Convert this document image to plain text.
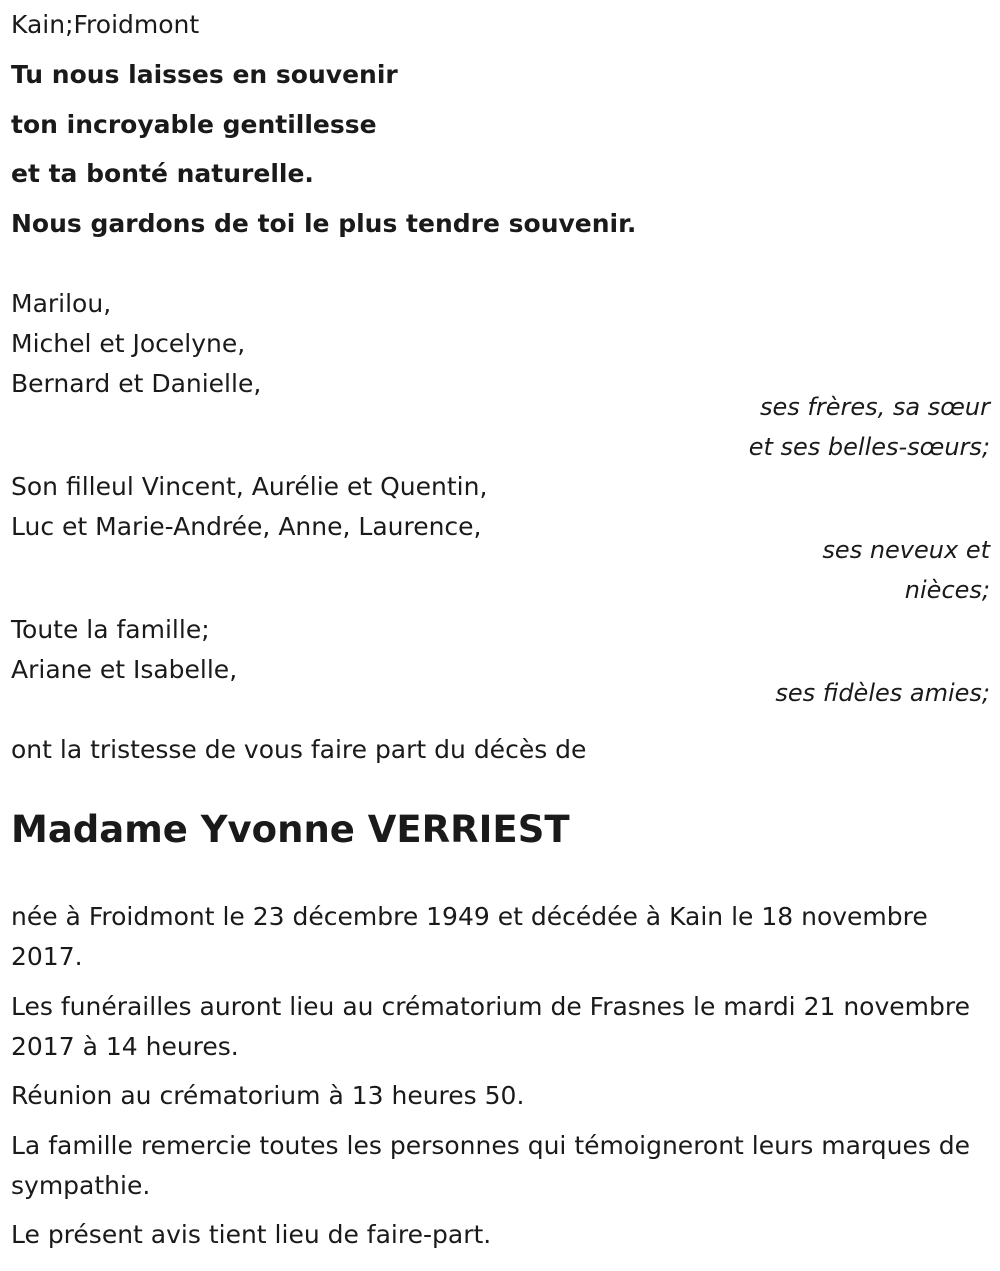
Kain;Froidmont
Tu nous laisses en souvenir
ton incroyable gentillesse
et ta bonté naturelle.
Nous gardons de toi le plus tendre souvenir.
Marilou,
Michel et Jocelyne,
Bernard et Danielle,
ses frères, sa sœur
et ses belles-sœurs;
Son filleul Vincent, Aurélie et Quentin,
Luc et Marie-Andrée, Anne, Laurence,
ses neveux et
nièces;
Toute la famille;
Ariane et Isabelle,
ses fidèles amies;
ont la tristesse de vous faire part du décès de
Madame Yvonne VERRIEST
née à Froidmont le 23 décembre 1949 et décédée à Kain le 18 novembre 2017.
Les funérailles auront lieu au crématorium de Frasnes le mardi 21 novembre 2017 à 14 heures.
Réunion au crématorium à 13 heures 50.
La famille remercie toutes les personnes qui témoigneront leurs marques de sympathie.
Le présent avis tient lieu de faire-part.
